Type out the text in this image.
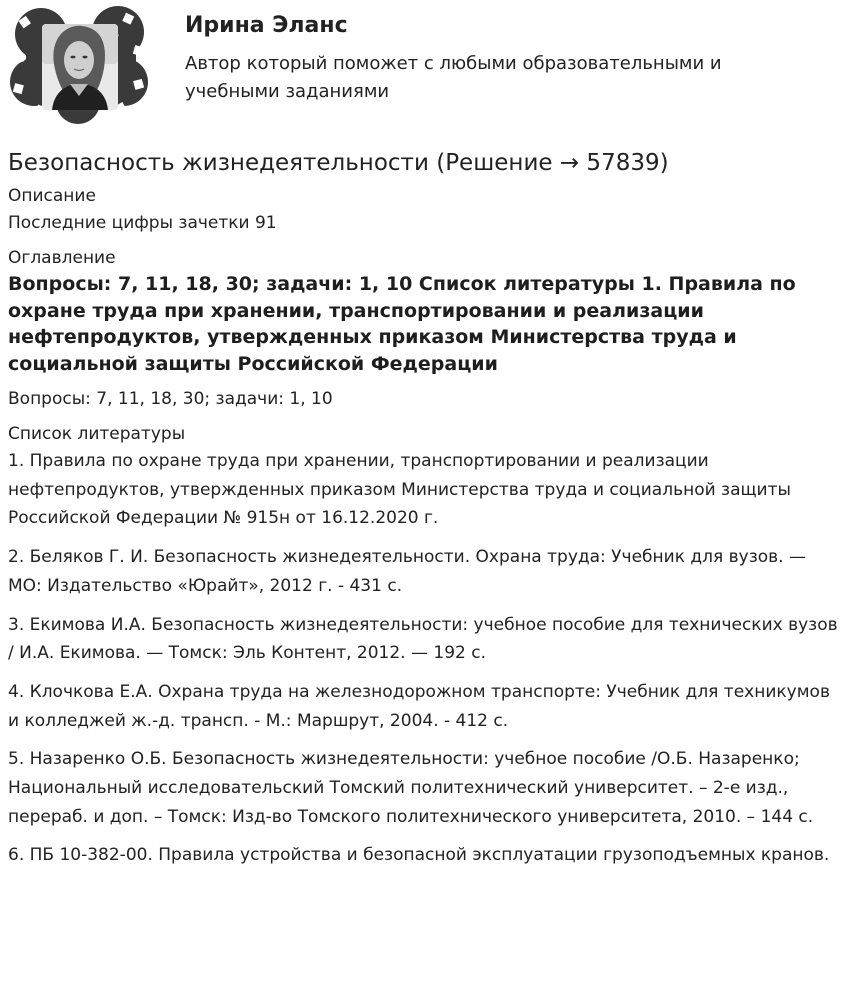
Ирина Эланс
Автор который поможет с любыми образовательными и учебными заданиями
Безопасность жизнедеятельности (Решение → 57839)
Описание
Последние цифры зачетки 91
Оглавление
Вопросы: 7, 11, 18, 30; задачи: 1, 10 Список литературы 1. Правила по охране труда при хранении, транспортировании и реализации нефтепродуктов, утвержденных приказом Министерства труда и социальной защиты Российской Федерации
Вопросы: 7, 11, 18, 30; задачи: 1, 10
Список литературы
1. Правила по охране труда при хранении, транспортировании и реализации нефтепродуктов, утвержденных приказом Министерства труда и социальной защиты Российской Федерации № 915н от 16.12.2020 г.
2. Беляков Г. И. Безопасность жизнедеятельности. Охрана труда: Учебник для вузов. — МО: Издательство «Юрайт», 2012 г. - 431 с.
3. Екимова И.А. Безопасность жизнедеятельности: учебное пособие для технических вузов / И.А. Екимова. — Томск: Эль Контент, 2012. — 192 с.
4. Клочкова Е.А. Охрана труда на железнодорожном транспорте: Учебник для техникумов и колледжей ж.-д. трансп. - М.: Маршрут, 2004. - 412 с.
5. Назаренко О.Б. Безопасность жизнедеятельности: учебное пособие /О.Б. Назаренко; Национальный исследовательский Томский политехнический университет. – 2-е изд., перераб. и доп. – Томск: Изд-во Томского политехнического университета, 2010. – 144 с.
6. ПБ 10-382-00. Правила устройства и безопасной эксплуатации грузоподъемных кранов.
